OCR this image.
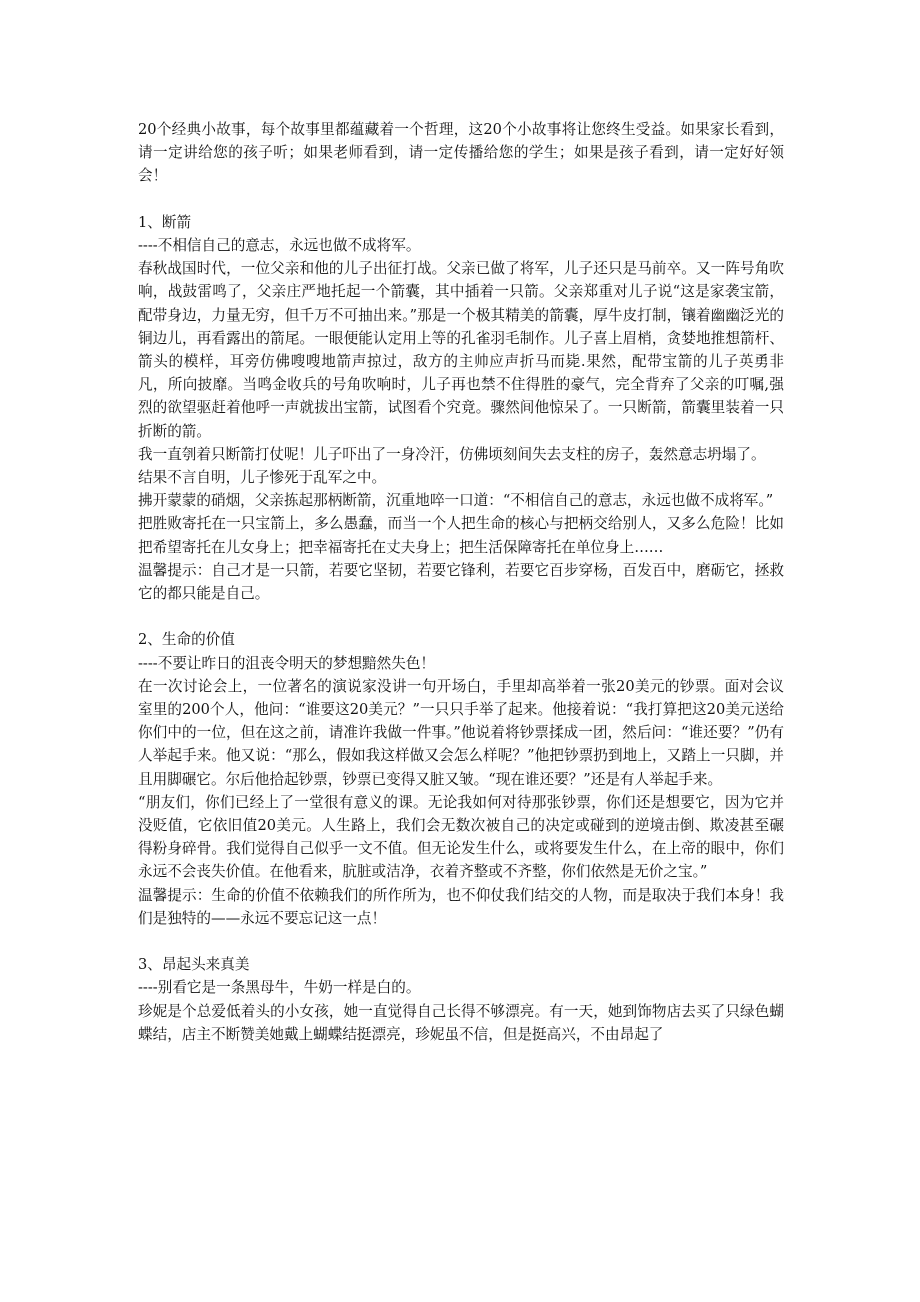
20个经典小故事，每个故事里都蕴藏着一个哲理，这20个小故事将让您终生受益。如果家长看到，请一定讲给您的孩子听；如果老师看到，请一定传播给您的学生；如果是孩子看到，请一定好好领会！

1、断箭

----不相信自己的意志，永远也做不成将军。

春秋战国时代，一位父亲和他的儿子出征打战。父亲已做了将军，儿子还只是马前卒。又一阵号角吹响，战鼓雷鸣了，父亲庄严地托起一个箭囊，其中插着一只箭。父亲郑重对儿子说“这是家袭宝箭，配带身边，力量无穷，但千万不可抽出来。”那是一个极其精美的箭囊，厚牛皮打制，镶着幽幽泛光的铜边儿，再看露出的箭尾。一眼便能认定用上等的孔雀羽毛制作。儿子喜上眉梢，贪婪地推想箭杆、箭头的模样，耳旁仿佛嗖嗖地箭声掠过，敌方的主帅应声折马而毙.果然，配带宝箭的儿子英勇非凡，所向披靡。当鸣金收兵的号角吹响时，儿子再也禁不住得胜的豪气，完全背弃了父亲的叮嘱,强烈的欲望驱赶着他呼一声就拔出宝箭，试图看个究竟。骤然间他惊呆了。一只断箭，箭囊里装着一只折断的箭。

我一直刳着只断箭打仗呢！儿子吓出了一身冷汗，仿佛顷刻间失去支柱的房子，轰然意志坍塌了。

结果不言自明，儿子惨死于乱军之中。

拂开蒙蒙的硝烟，父亲拣起那柄断箭，沉重地啐一口道：“不相信自己的意志，永远也做不成将军。”

把胜败寄托在一只宝箭上，多么愚蠢，而当一个人把生命的核心与把柄交给别人，又多么危险！比如把希望寄托在儿女身上；把幸福寄托在丈夫身上；把生活保障寄托在单位身上……

温馨提示：自己才是一只箭，若要它坚韧，若要它锋利，若要它百步穿杨，百发百中，磨砺它，拯救它的都只能是自己。

2、生命的价值

----不要让昨日的沮丧令明天的梦想黯然失色！

在一次讨论会上，一位著名的演说家没讲一句开场白，手里却高举着一张20美元的钞票。面对会议室里的200个人，他问：“谁要这20美元？”一只只手举了起来。他接着说：“我打算把这20美元送给你们中的一位，但在这之前，请准许我做一件事。”他说着将钞票揉成一团，然后问：“谁还要？”仍有人举起手来。他又说：“那么，假如我这样做又会怎么样呢？”他把钞票扔到地上，又踏上一只脚，并且用脚碾它。尔后他拾起钞票，钞票已变得又脏又皱。“现在谁还要？”还是有人举起手来。

“朋友们，你们已经上了一堂很有意义的课。无论我如何对待那张钞票，你们还是想要它，因为它并没贬值，它依旧值20美元。人生路上，我们会无数次被自己的决定或碰到的逆境击倒、欺凌甚至碾得粉身碎骨。我们觉得自己似乎一文不值。但无论发生什么，或将要发生什么，在上帝的眼中，你们永远不会丧失价值。在他看来，肮脏或洁净，衣着齐整或不齐整，你们依然是无价之宝。”

温馨提示：生命的价值不依赖我们的所作所为，也不仰仗我们结交的人物，而是取决于我们本身！我们是独特的——永远不要忘记这一点！

3、昂起头来真美

----别看它是一条黑母牛，牛奶一样是白的。

珍妮是个总爱低着头的小女孩，她一直觉得自己长得不够漂亮。有一天，她到饰物店去买了只绿色蝴蝶结，店主不断赞美她戴上蝴蝶结挺漂亮，珍妮虽不信，但是挺高兴，不由昂起了
